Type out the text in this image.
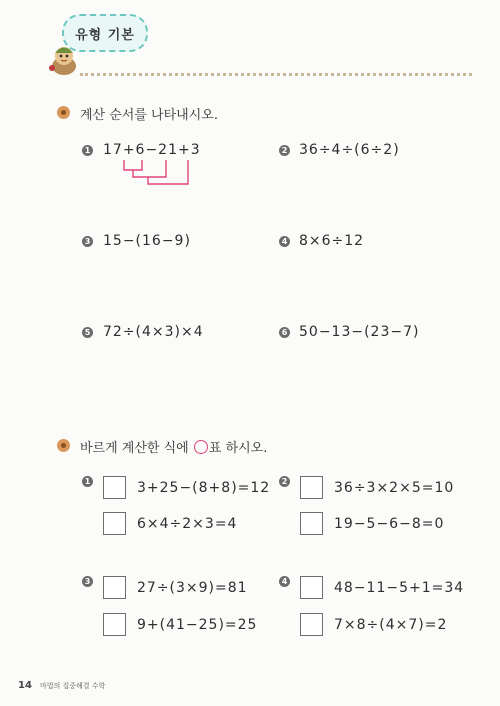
유형 기본
계산 순서를 나타내시오.
1 17+6−21+3	2 36÷4÷(6÷2)
3 15−(16−9)	4 8×6÷12
5 72÷(4×3)×4	6 50−13−(23−7)
바르게 계산한 식에 ○표 하시오.
1	3+25−(8+8)=12
6×4÷2×3=4
2	36÷3×2×5=10
19−5−6−8=0
3	27÷(3×9)=81
9+(41−25)=25
4	48−11−5+1=34
7×8÷(4×7)=2
14 마법의 집중해결 수학
